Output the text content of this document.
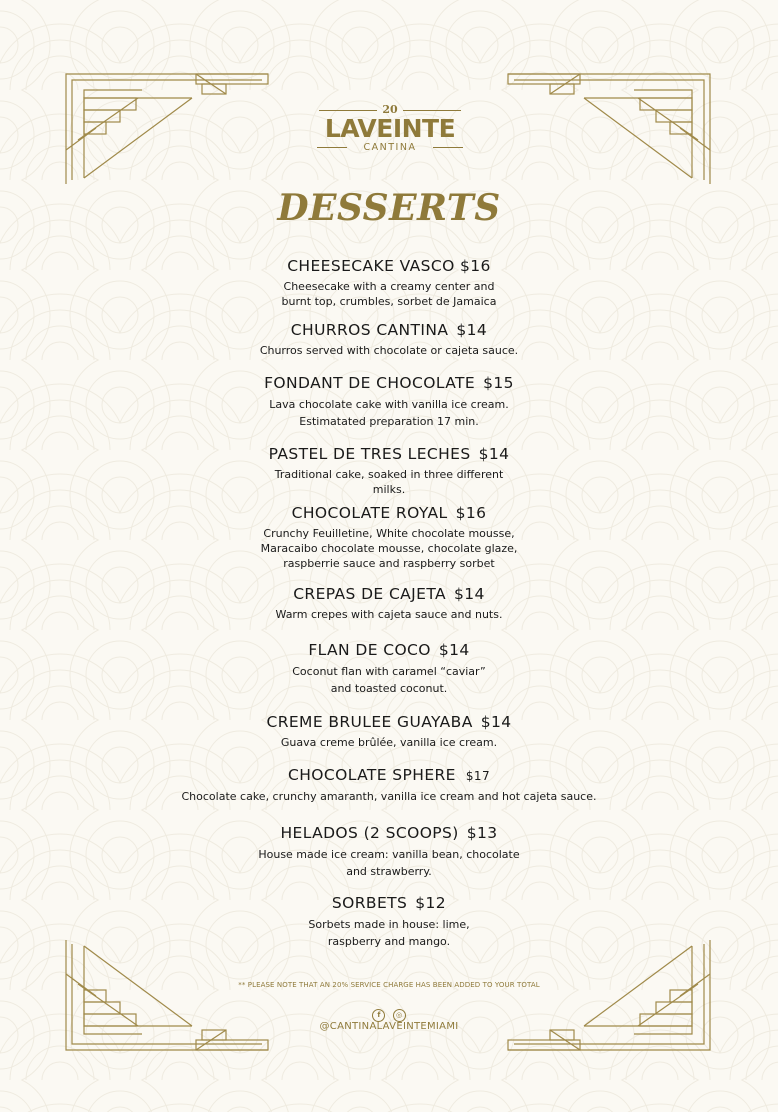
20
LAVEINTE
CANTINA
DESSERTS
CHEESECAKE VASCO $16
Cheesecake with a creamy center and
burnt top, crumbles, sorbet de Jamaica
CHURROS CANTINA $14
Churros served with chocolate or cajeta sauce.
FONDANT DE CHOCOLATE $15
Lava chocolate cake with vanilla ice cream.
Estimatated preparation 17 min.
PASTEL DE TRES LECHES $14
Traditional cake, soaked in three different
milks.
CHOCOLATE ROYAL $16
Crunchy Feuilletine, White chocolate mousse,
Maracaibo chocolate mousse, chocolate glaze,
raspberrie sauce and raspberry sorbet
CREPAS DE CAJETA $14
Warm crepes with cajeta sauce and nuts.
FLAN DE COCO $14
Coconut flan with caramel “caviar”
and toasted coconut.
CREME BRULEE GUAYABA $14
Guava creme brûlée, vanilla ice cream.
CHOCOLATE SPHERE $17
Chocolate cake, crunchy amaranth, vanilla ice cream and hot cajeta sauce.
HELADOS (2 SCOOPS) $13
House made ice cream: vanilla bean, chocolate
and strawberry.
SORBETS $12
Sorbets made in house: lime,
raspberry and mango.
** PLEASE NOTE THAT AN 20% SERVICE CHARGE HAS BEEN ADDED TO YOUR TOTAL
f ◎
@CANTINALAVEINTEMIAMI
